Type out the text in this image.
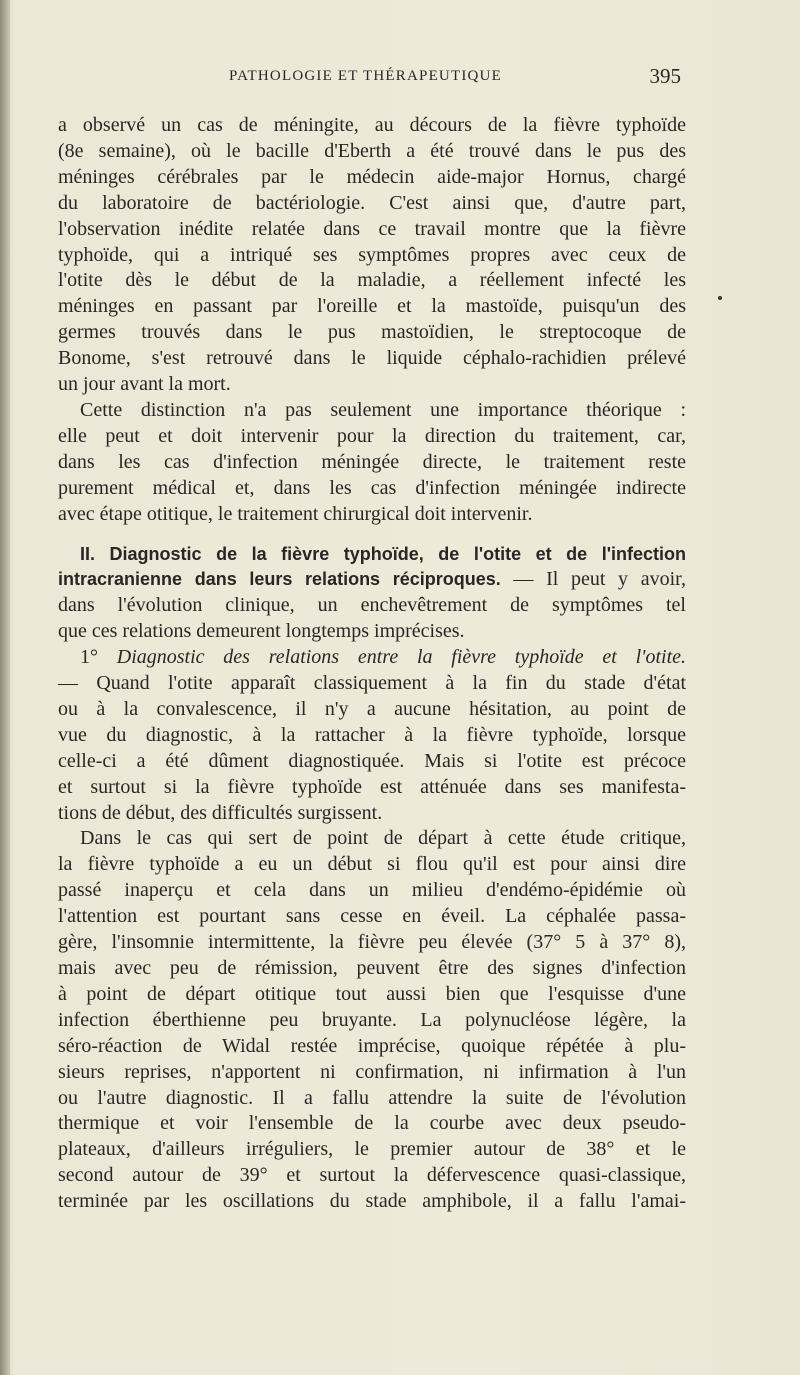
PATHOLOGIE ET THÉRAPEUTIQUE	395
a observé un cas de méningite, au décours de la fièvre typhoïde
(8e semaine), où le bacille d'Eberth a été trouvé dans le pus des
méninges cérébrales par le médecin aide-major Hornus, chargé
du laboratoire de bactériologie. C'est ainsi que, d'autre part,
l'observation inédite relatée dans ce travail montre que la fièvre
typhoïde, qui a intriqué ses symptômes propres avec ceux de
l'otite dès le début de la maladie, a réellement infecté les
méninges en passant par l'oreille et la mastoïde, puisqu'un des
germes trouvés dans le pus mastoïdien, le streptocoque de
Bonome, s'est retrouvé dans le liquide céphalo-rachidien prélevé
un jour avant la mort.
Cette distinction n'a pas seulement une importance théorique :
elle peut et doit intervenir pour la direction du traitement, car,
dans les cas d'infection méningée directe, le traitement reste
purement médical et, dans les cas d'infection méningée indirecte
avec étape otitique, le traitement chirurgical doit intervenir.
II. Diagnostic de la fièvre typhoïde, de l'otite et de l'infection
intracranienne dans leurs relations réciproques. — Il peut y avoir,
dans l'évolution clinique, un enchevêtrement de symptômes tel
que ces relations demeurent longtemps imprécises.
1° Diagnostic des relations entre la fièvre typhoïde et l'otite.
— Quand l'otite apparaît classiquement à la fin du stade d'état
ou à la convalescence, il n'y a aucune hésitation, au point de
vue du diagnostic, à la rattacher à la fièvre typhoïde, lorsque
celle-ci a été dûment diagnostiquée. Mais si l'otite est précoce
et surtout si la fièvre typhoïde est atténuée dans ses manifesta-
tions de début, des difficultés surgissent.
Dans le cas qui sert de point de départ à cette étude critique,
la fièvre typhoïde a eu un début si flou qu'il est pour ainsi dire
passé inaperçu et cela dans un milieu d'endémo-épidémie où
l'attention est pourtant sans cesse en éveil. La céphalée passa-
gère, l'insomnie intermittente, la fièvre peu élevée (37° 5 à 37° 8),
mais avec peu de rémission, peuvent être des signes d'infection
à point de départ otitique tout aussi bien que l'esquisse d'une
infection éberthienne peu bruyante. La polynucléose légère, la
séro-réaction de Widal restée imprécise, quoique répétée à plu-
sieurs reprises, n'apportent ni confirmation, ni infirmation à l'un
ou l'autre diagnostic. Il a fallu attendre la suite de l'évolution
thermique et voir l'ensemble de la courbe avec deux pseudo-
plateaux, d'ailleurs irréguliers, le premier autour de 38° et le
second autour de 39° et surtout la défervescence quasi-classique,
terminée par les oscillations du stade amphibole, il a fallu l'amai-
